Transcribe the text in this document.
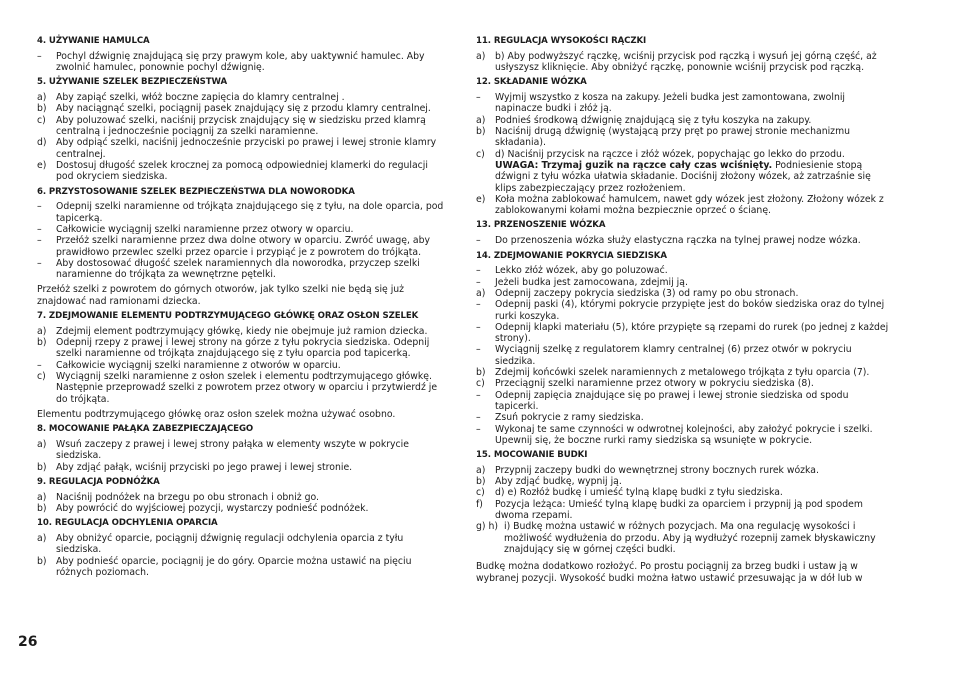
4. UŻYWANIE HAMULCA
–	Pochyl dźwignię znajdującą się przy prawym kole, aby uaktywnić hamulec. Aby zwolnić hamulec, ponownie pochyl dźwignię.
5. UŻYWANIE SZELEK BEZPIECZEŃSTWA
a)	Aby zapiąć szelki, włóż boczne zapięcia do klamry centralnej .
b)	Aby naciągnąć szelki, pociągnij pasek znajdujący się z przodu klamry centralnej.
c)	Aby poluzować szelki, naciśnij przycisk znajdujący się w siedzisku przed klamrą centralną i jednocześnie pociągnij za szelki naramienne.
d)	Aby odpiąć szelki, naciśnij jednocześnie przyciski po prawej i lewej stronie klamry centralnej.
e)	Dostosuj długość szelek krocznej za pomocą odpowiedniej klamerki do regulacji pod okryciem siedziska.
6. PRZYSTOSOWANIE SZELEK BEZPIECZEŃSTWA DLA NOWORODKA
–	Odepnij szelki naramienne od trójkąta znajdującego się z tyłu, na dole oparcia, pod tapicerką.
–	Całkowicie wyciągnij szelki naramienne przez otwory w oparciu.
–	Przełóż szelki naramienne przez dwa dolne otwory w oparciu. Zwróć uwagę, aby prawidłowo przewlec szelki przez oparcie i przypiąć je z powrotem do trójkąta.
–	Aby dostosować długość szelek naramiennych dla noworodka, przyczep szelki naramienne do trójkąta za wewnętrzne pętelki.
Przełóż szelki z powrotem do górnych otworów, jak tylko szelki nie będą się już znajdować nad ramionami dziecka.
7. ZDEJMOWANIE ELEMENTU PODTRZYMUJĄCEGO GŁÓWKĘ ORAZ OSŁON SZELEK
a)	Zdejmij element podtrzymujący główkę, kiedy nie obejmuje już ramion dziecka.
b)	Odepnij rzepy z prawej i lewej strony na górze z tyłu pokrycia siedziska. Odepnij szelki naramienne od trójkąta znajdującego się z tyłu oparcia pod tapicerką.
–	Całkowicie wyciągnij szelki naramienne z otworów w oparciu.
c)	Wyciągnij szelki naramienne z osłon szelek i elementu podtrzymującego główkę. Następnie przeprowadź szelki z powrotem przez otwory w oparciu i przytwierdź je do trójkąta.
Elementu podtrzymującego główkę oraz osłon szelek można używać osobno.
8. MOCOWANIE PAŁĄKA ZABEZPIECZAJĄCEGO
a)	Wsuń zaczepy z prawej i lewej strony pałąka w elementy wszyte w pokrycie siedziska.
b)	Aby zdjąć pałąk, wciśnij przyciski po jego prawej i lewej stronie.
9. REGULACJA PODNÓŻKA
a)	Naciśnij podnóżek na brzegu po obu stronach i obniż go.
b)	Aby powrócić do wyjściowej pozycji, wystarczy podnieść podnóżek.
10. REGULACJA ODCHYLENIA OPARCIA
a)	Aby obniżyć oparcie, pociągnij dźwignię regulacji odchylenia oparcia z tyłu siedziska.
b)	Aby podnieść oparcie, pociągnij je do góry. Oparcie można ustawić na pięciu różnych poziomach.
11. REGULACJA WYSOKOŚCI RĄCZKI
a)	b) Aby podwyższyć rączkę, wciśnij przycisk pod rączką i wysuń jej górną część, aż usłyszysz kliknięcie. Aby obniżyć rączkę, ponownie wciśnij przycisk pod rączką.
12. SKŁADANIE WÓZKA
–	Wyjmij wszystko z kosza na zakupy. Jeżeli budka jest zamontowana, zwolnij napinacze budki i złóż ją.
a)	Podnieś środkową dźwignię znajdującą się z tyłu koszyka na zakupy.
b)	Naciśnij drugą dźwignię (wystającą przy pręt po prawej stronie mechanizmu składania).
c)	d) Naciśnij przycisk na rączce i złóż wózek, popychając go lekko do przodu.
UWAGA: Trzymaj guzik na rączce cały czas wciśnięty. Podniesienie stopą dźwigni z tyłu wózka ułatwia składanie. Dociśnij złożony wózek, aż zatrzaśnie się klips zabezpieczający przez rozłożeniem.
e)	Koła można zablokować hamulcem, nawet gdy wózek jest złożony. Złożony wózek z zablokowanymi kołami można bezpiecznie oprzeć o ścianę.
13. PRZENOSZENIE WÓZKA
–	Do przenoszenia wózka służy elastyczna rączka na tylnej prawej nodze wózka.
14. ZDEJMOWANIE POKRYCIA SIEDZISKA
–	Lekko złóż wózek, aby go poluzować.
–	Jeżeli budka jest zamocowana, zdejmij ją.
a)	Odepnij zaczepy pokrycia siedziska (3) od ramy po obu stronach.
–	Odepnij paski (4), którymi pokrycie przypięte jest do boków siedziska oraz do tylnej rurki koszyka.
–	Odepnij klapki materiału (5), które przypięte są rzepami do rurek (po jednej z każdej strony).
–	Wyciągnij szelkę z regulatorem klamry centralnej (6) przez otwór w pokryciu siedzika.
b)	Zdejmij końcówki szelek naramiennych z metalowego trójkąta z tyłu oparcia (7).
c)	Przeciągnij szelki naramienne przez otwory w pokryciu siedziska (8).
–	Odepnij zapięcia znajdujące się po prawej i lewej stronie siedziska od spodu tapicerki.
–	Zsuń pokrycie z ramy siedziska.
–	Wykonaj te same czynności w odwrotnej kolejności, aby założyć pokrycie i szelki. Upewnij się, że boczne rurki ramy siedziska są wsunięte w pokrycie.
15. MOCOWANIE BUDKI
a)	Przypnij zaczepy budki do wewnętrznej strony bocznych rurek wózka.
b)	Aby zdjąć budkę, wypnij ją.
c)	d) e) Rozłóż budkę i umieść tylną klapę budki z tyłu siedziska.
f)	Pozycja leżąca: Umieść tylną klapę budki za oparciem i przypnij ją pod spodem dwoma rzepami.
g) h) i) Budkę można ustawić w różnych pozycjach. Ma ona regulację wysokości i możliwość wydłużenia do przodu. Aby ją wydłużyć rozepnij zamek błyskawiczny znajdujący się w górnej części budki.
Budkę można dodatkowo rozłożyć. Po prostu pociągnij za brzeg budki i ustaw ją w wybranej pozycji. Wysokość budki można łatwo ustawić przesuwając ja w dół lub w
26
